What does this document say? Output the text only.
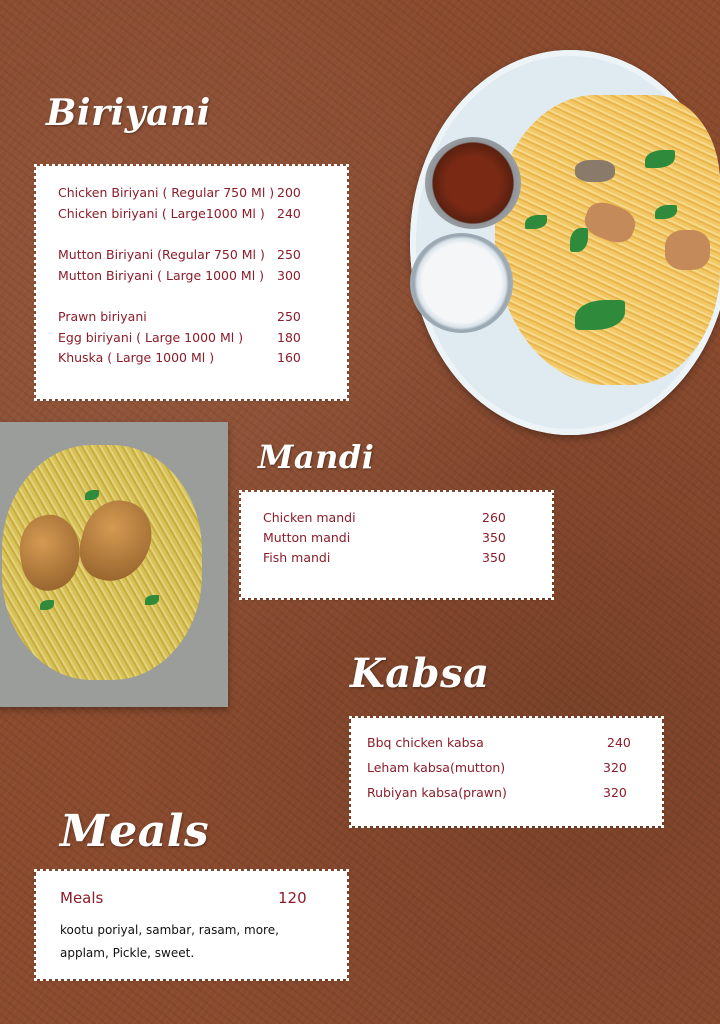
Biriyani
Chicken Biriyani ( Regular 750 Ml ) 200
Chicken biriyani ( Large1000 Ml ) 240
Mutton Biriyani (Regular 750 Ml ) 250
Mutton Biriyani ( Large 1000 Ml ) 300
Prawn biriyani	250
Egg biriyani ( Large 1000 Ml )	180
Khuska ( Large 1000 Ml )	160
Mandi
Chicken mandi	260
Mutton mandi	350
Fish mandi	350
Kabsa
Bbq chicken kabsa	240
Leham kabsa(mutton)	320
Rubiyan kabsa(prawn)	320
Meals
Meals	120
kootu poriyal, sambar, rasam, more,
applam, Pickle, sweet.
